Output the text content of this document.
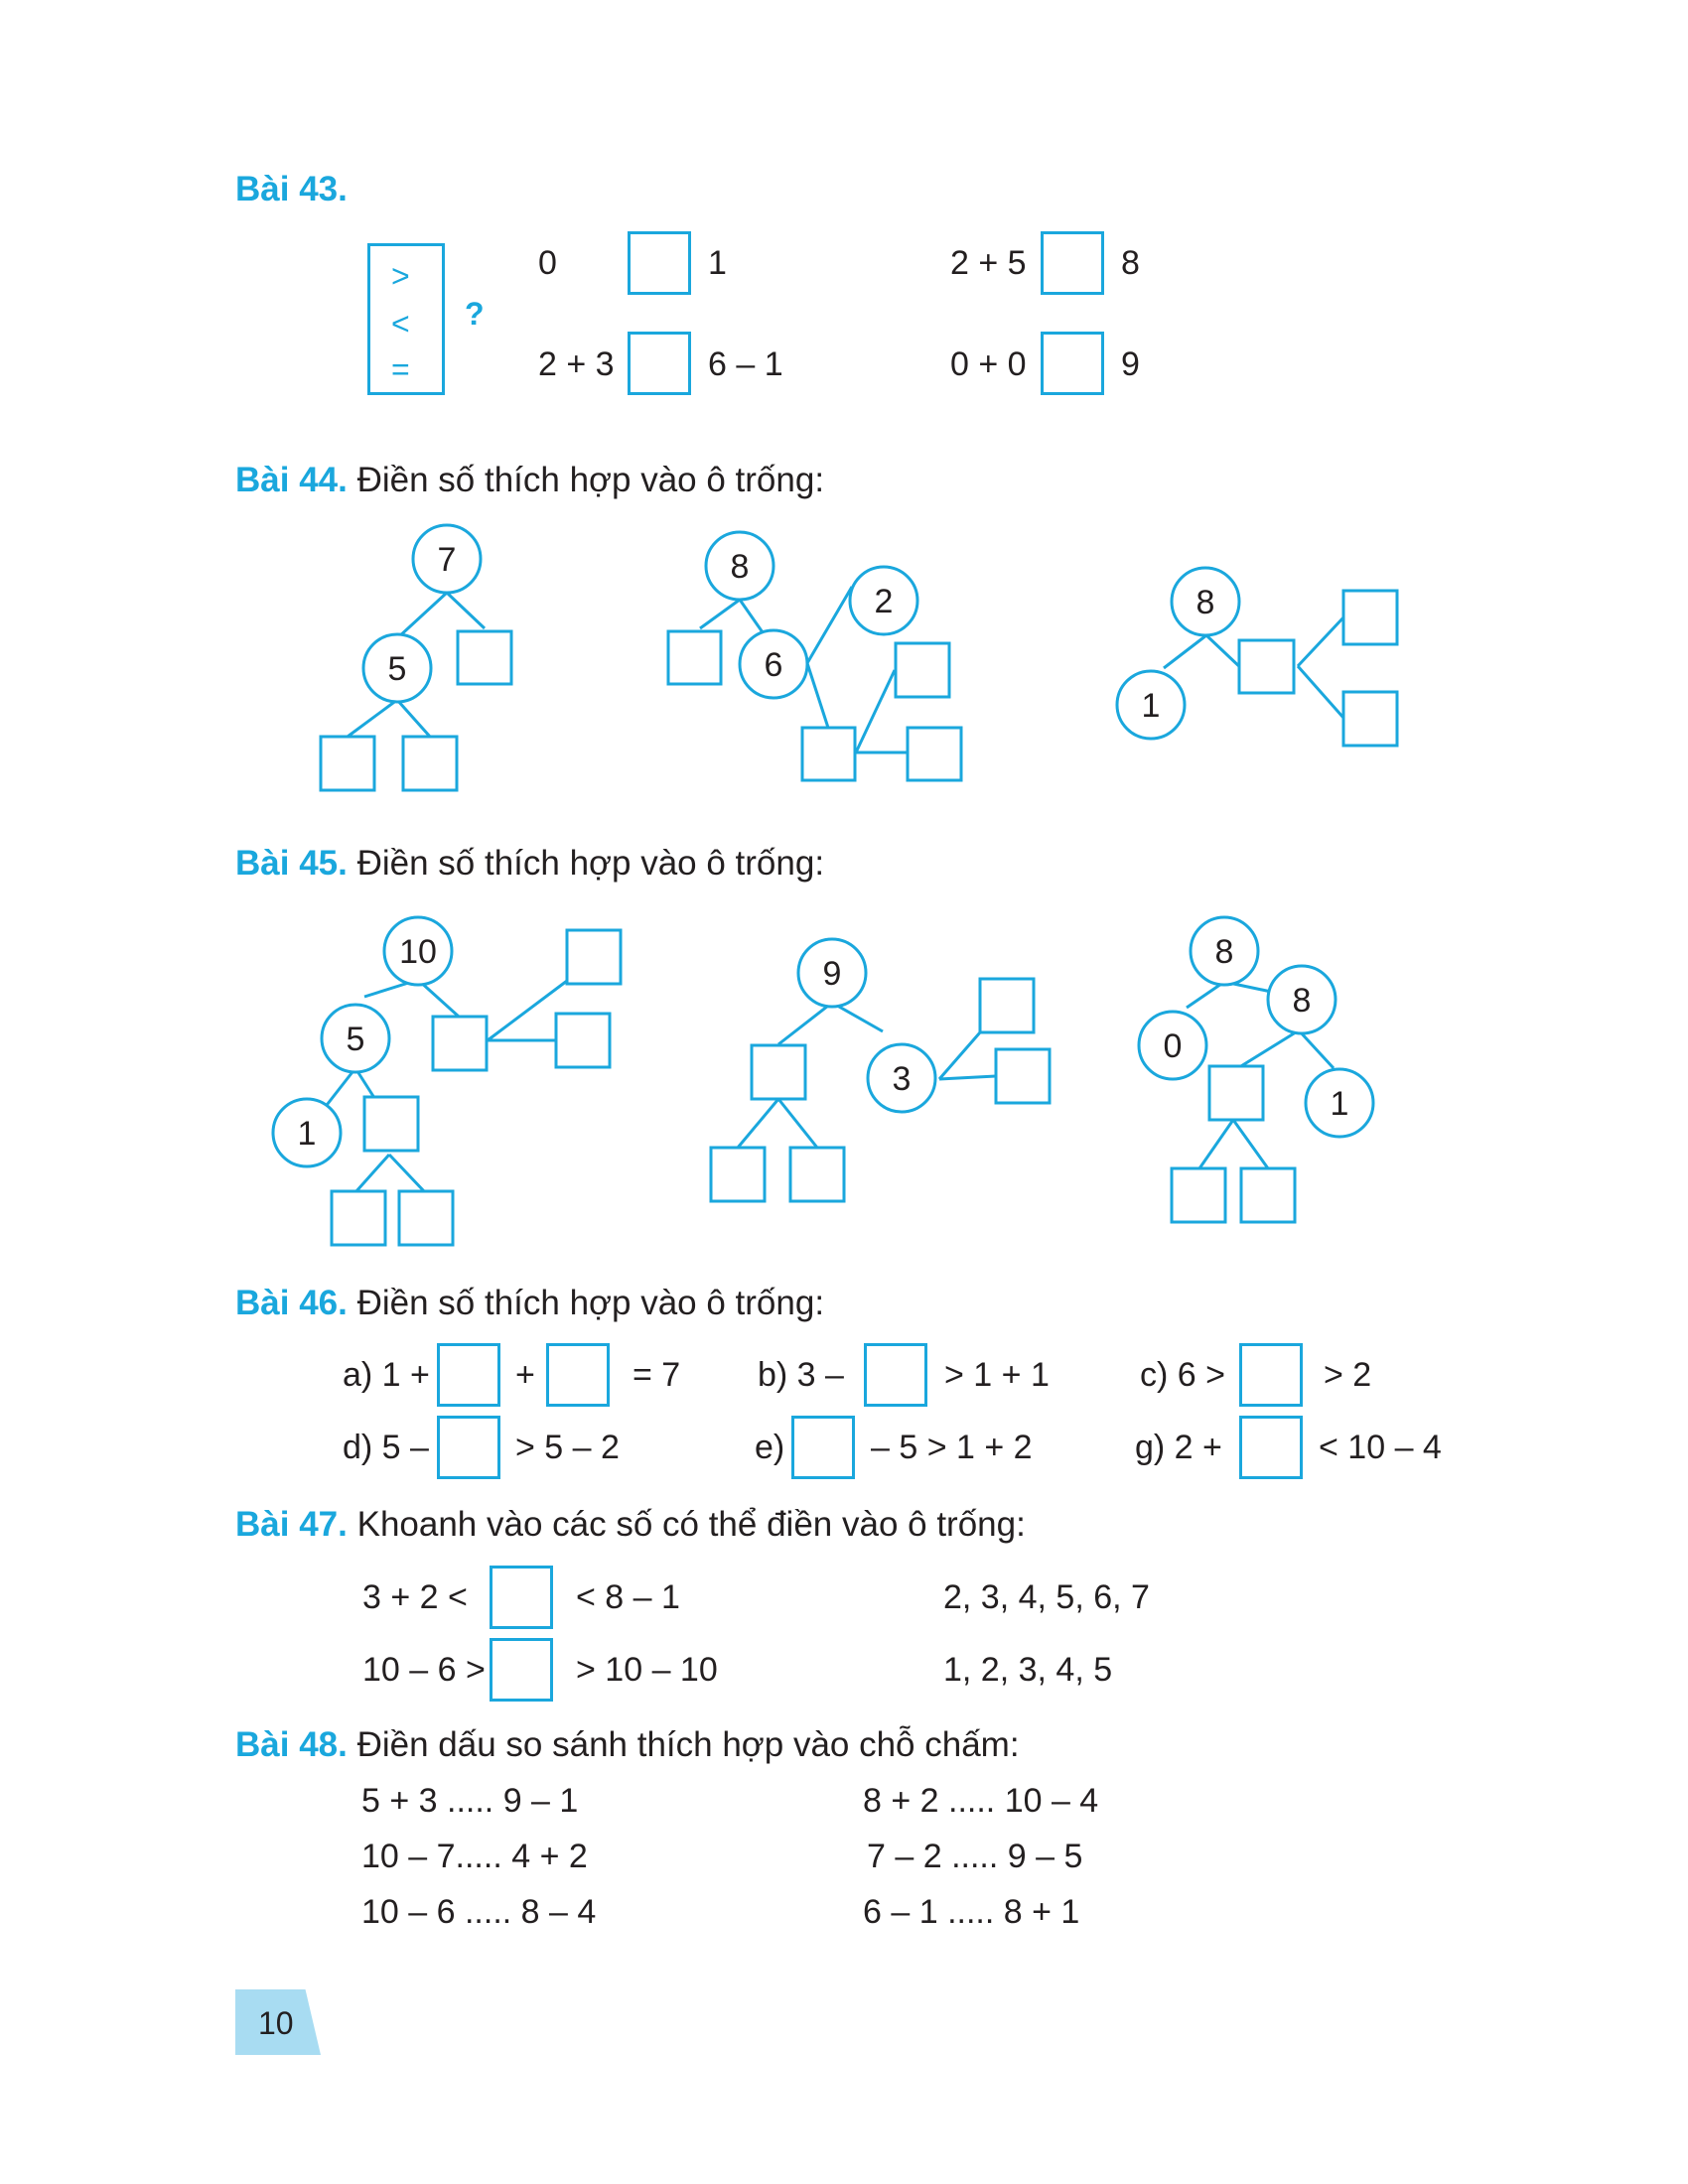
Bài 43.
>
<
=
?
0	1	2 + 5	8
2 + 3	6 – 1	0 + 0	9
Bài 44. Điền số thích hợp vào ô trống:
Bài 45. Điền số thích hợp vào ô trống:
7
5
8
6
2	8
1
10
5
1
9
3
8
8
0
1
Bài 46. Điền số thích hợp vào ô trống:
a) 1 +	+	= 7 b) 3 –	> 1 + 1	c) 6 >	> 2
d) 5 –	> 5 – 2	e)	– 5 > 1 + 2	g) 2 +	< 10 – 4
Bài 47. Khoanh vào các số có thể điền vào ô trống:
3 + 2 <	< 8 – 1	2, 3, 4, 5, 6, 7
10 – 6 >	> 10 – 10	1, 2, 3, 4, 5
Bài 48. Điền dấu so sánh thích hợp vào chỗ chấm:
5 + 3 ..... 9 – 1	8 + 2 ..... 10 – 4
10 – 7..... 4 + 2	7 – 2 ..... 9 – 5
10 – 6 ..... 8 – 4	6 – 1 ..... 8 + 1
10
